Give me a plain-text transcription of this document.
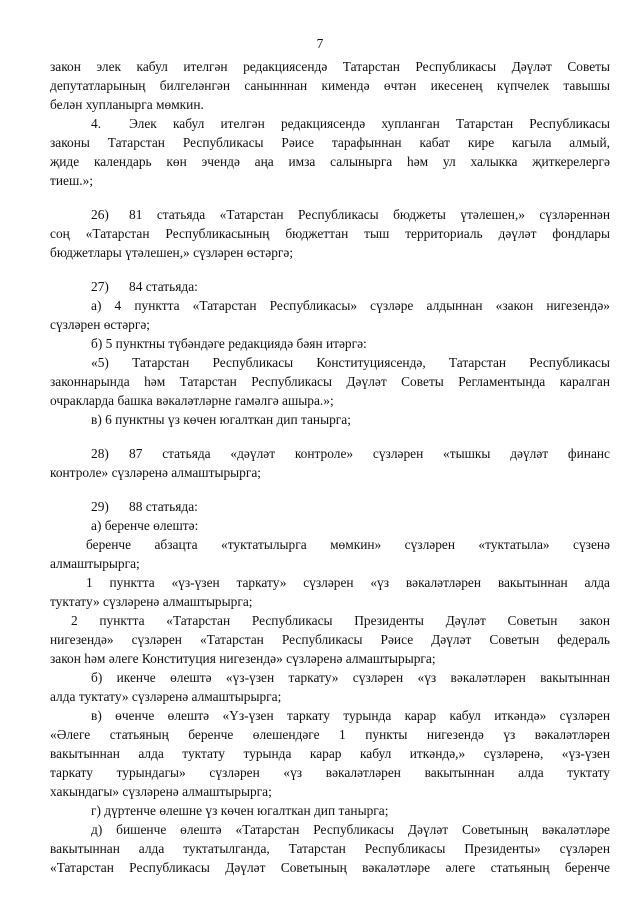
7
закон элек кабул ителгән редакциясендә Татарстан Республикасы Дәүләт Советы
депутатларының билгеләнгән санынннан кимендә өчтән икесенең күпчелек тавышы
белән хупланырга мөмкин.
4. Элек кабул ителгән редакциясендә хупланган Татарстан Республикасы
законы Татарстан Республикасы Рәисе тарафыннан кабат кире кагыла алмый,
җиде календарь көн эчендә аңа имза салынырга һәм ул халыкка җиткерелергә
тиеш.»;
26) 81 статьяда «Татарстан Республикасы бюджеты үтәлешен,» сүзләреннән
соң «Татарстан Республикасының бюджеттан тыш территориаль дәүләт фондлары
бюджетлары үтәлешен,» сүзләрен өстәргә;
27) 84 статьяда:
а) 4 пунктта «Татарстан Республикасы» сүзләре алдыннан «закон нигезендә»
сүзләрен өстәргә;
б) 5 пунктны түбәндәге редакциядә бәян итәргә:
«5) Татарстан Республикасы Конституциясендә, Татарстан Республикасы
законнарында һәм Татарстан Республикасы Дәүләт Советы Регламентында каралган
очракларда башка вәкаләтләрне гамәлгә ашыра.»;
в) 6 пунктны үз көчен югалткан дип танырга;
28) 87 статьяда «дәүләт контроле» сүзләрен «тышкы дәүләт финанс
контроле» сүзләренә алмаштырырга;
29) 88 статьяда:
а) беренче өлештә:
беренче абзацта «туктатылырга мөмкин» сүзләрен «туктатыла» сүзенә
алмаштырырга;
1 пунктта «үз-үзен таркату» сүзләрен «үз вәкаләтләрен вакытыннан алда
туктату» сүзләренә алмаштырырга;
2 пунктта «Татарстан Республикасы Президенты Дәүләт Советын закон
нигезендә» сүзләрен «Татарстан Республикасы Рәисе Дәүләт Советын федераль
закон һәм әлеге Конституция нигезендә» сүзләренә алмаштырырга;
б) икенче өлештә «үз-үзен таркату» сүзләрен «үз вәкаләтләрен вакытыннан
алда туктату» сүзләренә алмаштырырга;
в) өченче өлештә «Үз-үзен таркату турында карар кабул иткәндә» сүзләрен
«Әлеге статьяның беренче өлешендәге 1 пункты нигезендә үз вәкаләтләрен
вакытыннан алда туктату турында карар кабул иткәндә,» сүзләренә, «үз-үзен
таркату турындагы» сүзләрен «үз вәкаләтләрен вакытыннан алда туктату
хакындагы» сүзләренә алмаштырырга;
г) дүртенче өлешне үз көчен югалткан дип танырга;
д) бишенче өлештә «Татарстан Республикасы Дәүләт Советының вәкаләтләре
вакытыннан алда туктатылганда, Татарстан Республикасы Президенты» сүзләрен
«Татарстан Республикасы Дәүләт Советының вәкаләтләре әлеге статьяның беренче
